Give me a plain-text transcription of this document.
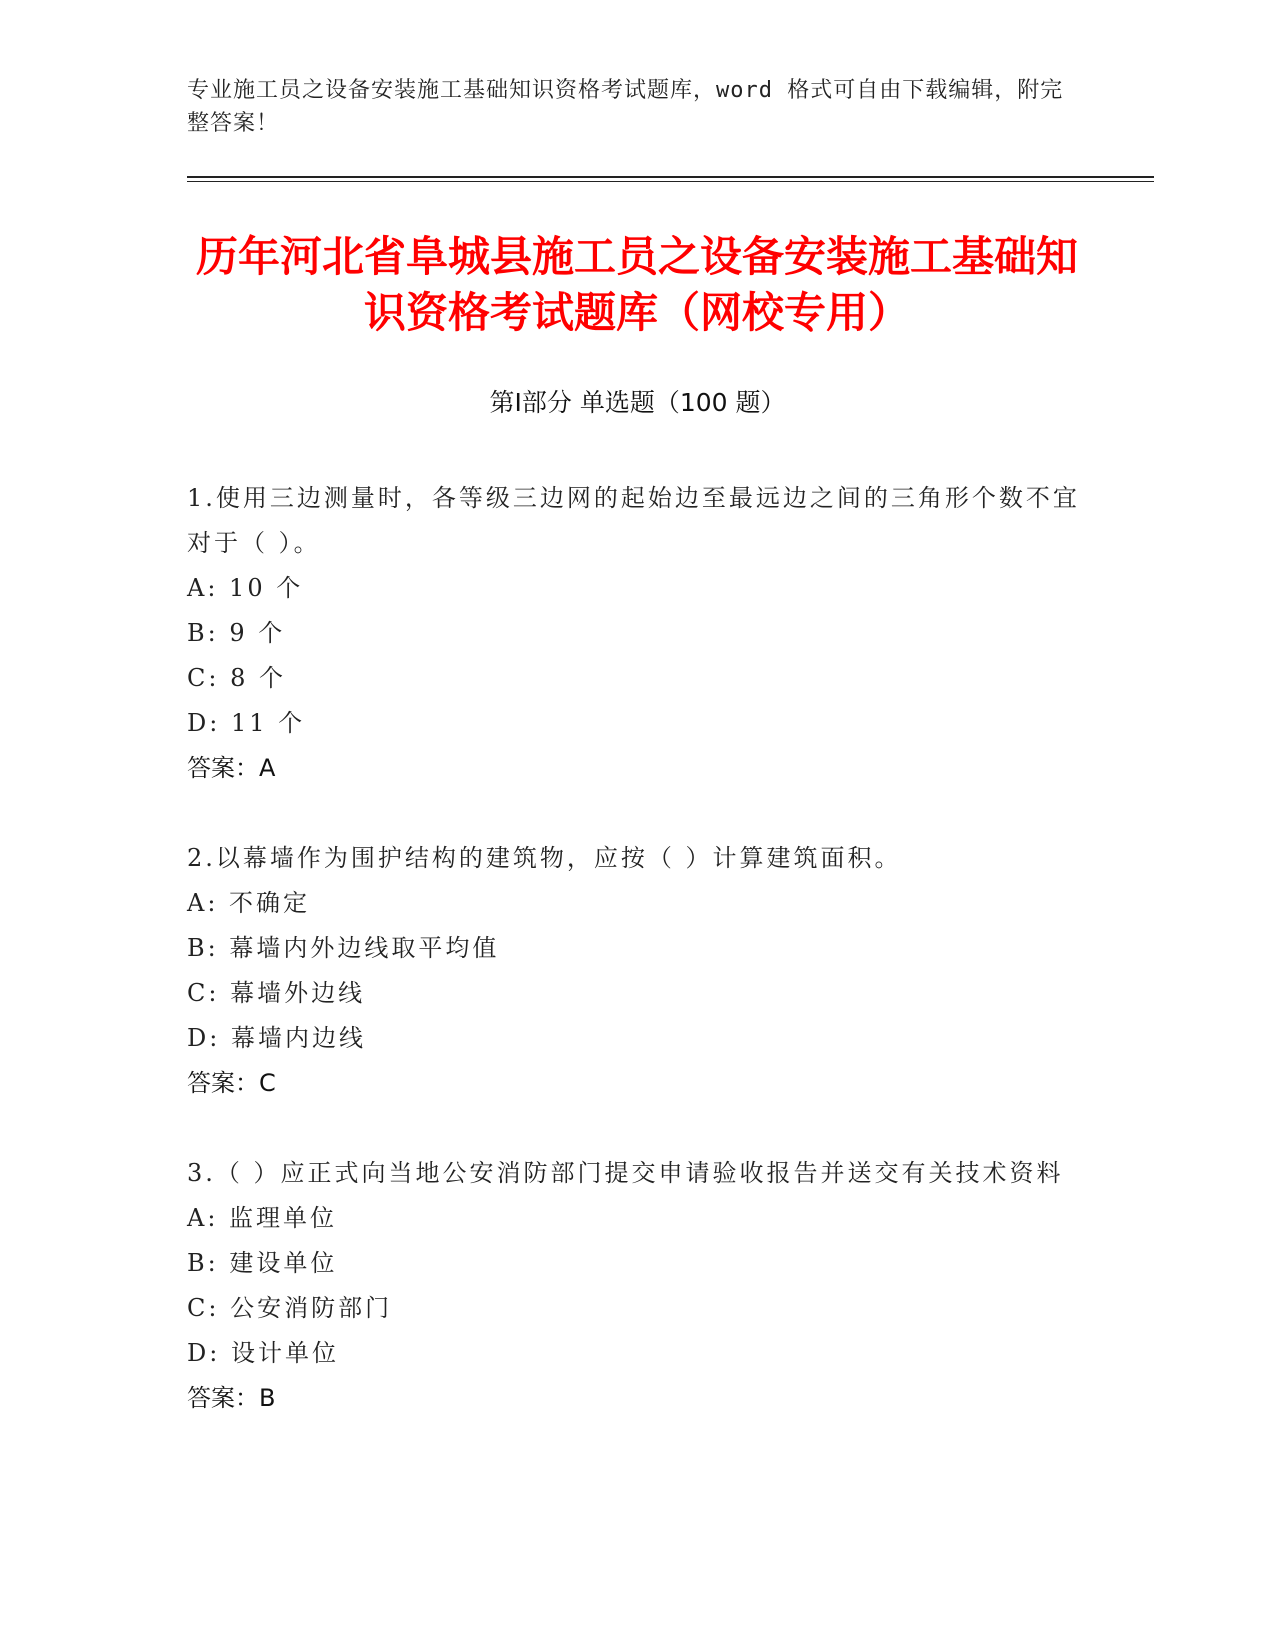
专业施工员之设备安装施工基础知识资格考试题库，word 格式可自由下载编辑，附完整答案！
历年河北省阜城县施工员之设备安装施工基础知识资格考试题库（网校专用）
第Ⅰ部分 单选题（100 题）

1.使用三边测量时，各等级三边网的起始边至最远边之间的三角形个数不宜对于（ ）。

A: 10 个

B: 9 个

C: 8 个

D: 11 个

答案：A

2.以幕墙作为围护结构的建筑物，应按（ ）计算建筑面积。

A: 不确定

B: 幕墙内外边线取平均值

C: 幕墙外边线

D: 幕墙内边线

答案：C

3.（ ）应正式向当地公安消防部门提交申请验收报告并送交有关技术资料

A: 监理单位

B: 建设单位

C: 公安消防部门

D: 设计单位

答案：B
